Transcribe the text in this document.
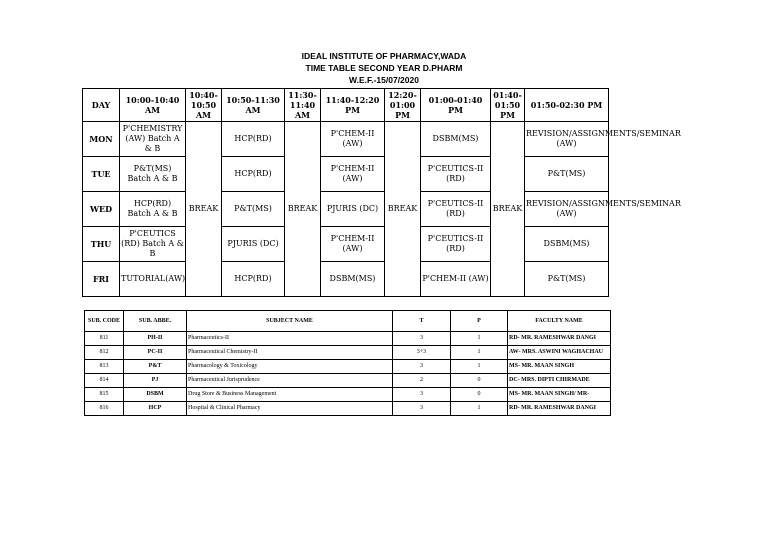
IDEAL INSTITUTE OF PHARMACY,WADA
TIME TABLE SECOND YEAR D.PHARM
W.E.F.-15/07/2020
DAY	10:00-10:40 AM	10:40-10:50 AM	10:50-11:30 AM	11:30-11:40 AM	11:40-12:20 PM	12:20-01:00 PM	01:00-01:40 PM	01:40-01:50 PM	01:50-02:30 PM
MON	P'CHEMISTRY (AW) Batch A & B	BREAK	HCP(RD)	BREAK	P'CHEM-II (AW)	BREAK	DSBM(MS)	BREAK	REVISION/ASSIGNMENTS/SEMINAR (AW)
TUE	P&T(MS) Batch A & B		HCP(RD)		P'CHEM-II (AW)		P'CEUTICS-II (RD)		P&T(MS)
WED	HCP(RD) Batch A & B		P&T(MS)		PJURIS (DC)		P'CEUTICS-II (RD)		REVISION/ASSIGNMENTS/SEMINAR (AW)
THU	P'CEUTICS (RD) Batch A & B		PJURIS (DC)		P'CHEM-II (AW)		P'CEUTICS-II (RD)		DSBM(MS)
FRI	TUTORIAL(AW)		HCP(RD)		DSBM(MS)		P'CHEM-II (AW)		P&T(MS)
SUB. CODE	SUB. ABBE.	SUBJECT NAME	T	P	FACULTY NAME
811	PH-II	Pharmaceutics-II	3	1	RD- MR. RAMESHWAR DANGI
812	PC-II	Pharmaceutical Chemistry-II	3+3	1	AW- MRS. ASWINI WAGHACHAU
813	P&T	Pharmacology & Toxicology	3	1	MS- MR. MAAN SINGH
814	PJ	Pharmaceutical Jurisprudence	2	0	DC- MRS. DIPTI CHIRMADE
815	DSBM	Drug Store & Business Management	3	0	MS- MR. MAAN SINGH/ MR-
816	HCP	Hospital & Clinical Pharmacy	3	1	RD- MR. RAMESHWAR DANGI
